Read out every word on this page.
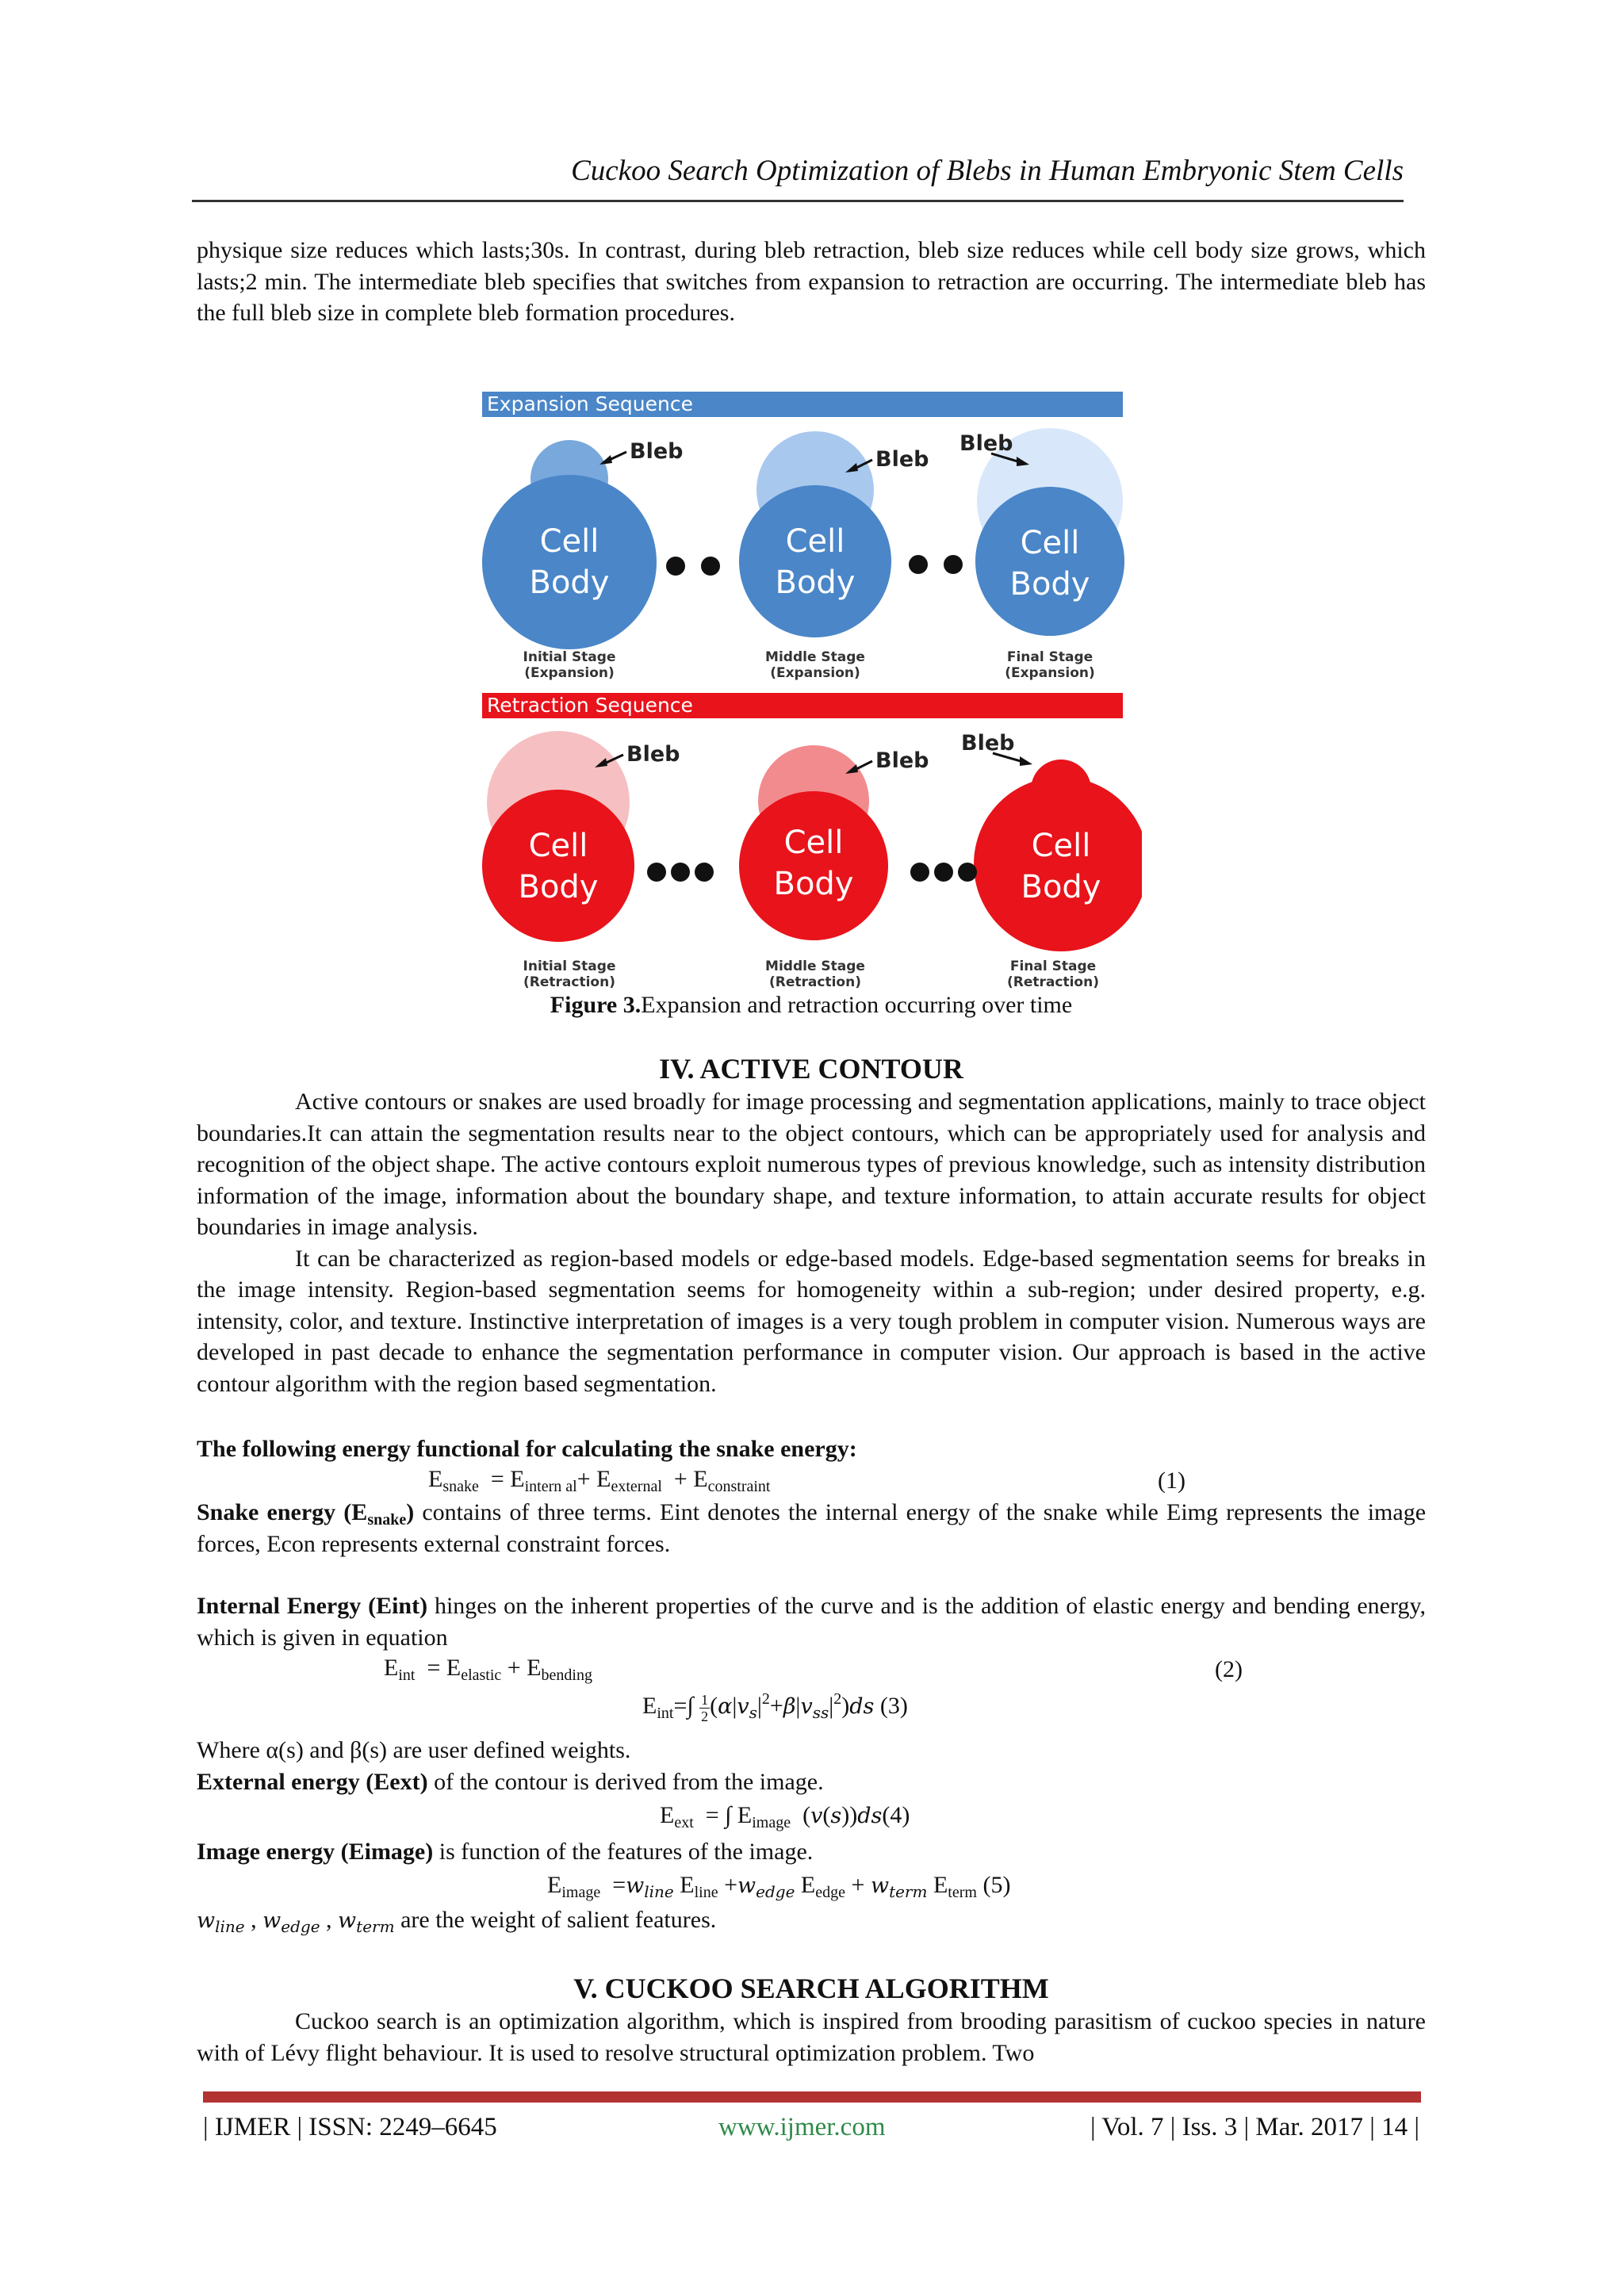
Cuckoo Search Optimization of Blebs in Human Embryonic Stem Cells

physique size reduces which lasts;30s. In contrast, during bleb retraction, bleb size reduces while cell body size grows, which lasts;2 min. The intermediate bleb specifies that switches from expansion to retraction are occurring. The intermediate bleb has the full bleb size in complete bleb formation procedures.

Expansion Sequence
Cell
Body
Cell
Body
Cell
Body
Bleb	Bleb
Bleb
Initial Stage
(Expansion)
Middle Stage
(Expansion)
Final Stage
(Expansion)
Retraction Sequence
Cell
Body
Cell
Body
Cell
Body
Bleb	Bleb
Bleb
Initial Stage
(Retraction)
Middle Stage
(Retraction)
Final Stage
(Retraction)
Figure 3.Expansion and retraction occurring over time
IV. ACTIVE CONTOUR

Active contours or snakes are used broadly for image processing and segmentation applications, mainly to trace object boundaries.It can attain the segmentation results near to the object contours, which can be appropriately used for analysis and recognition of the object shape. The active contours exploit numerous types of previous knowledge, such as intensity distribution information of the image, information about the boundary shape, and texture information, to attain accurate results for object boundaries in image analysis.

It can be characterized as region-based models or edge-based models. Edge-based segmentation seems for breaks in the image intensity. Region-based segmentation seems for homogeneity within a sub-region; under desired property, e.g. intensity, color, and texture. Instinctive interpretation of images is a very tough problem in computer vision. Numerous ways are developed in past decade to enhance the segmentation performance in computer vision. Our approach is based in the active contour algorithm with the region based segmentation.

The following energy functional for calculating the snake energy:
$E_{snake} = E_{intern al}+ E_{external} + E_{constraint}$	(1)

Snake energy $(E_{snake})$ contains of three terms. Eint denotes the internal energy of the snake while Eimg represents the image forces, Econ represents external constraint forces.

Internal Energy (Eint) hinges on the inherent properties of the curve and is the addition of elastic energy and bending energy, which is given in equation

$E_{int} = E_{elastic} + E_{bending}$	(2)
$E_{int}=\int \frac{1}{2} (\alpha|v_s|^2+\beta|v_{ss}|^2)ds$ (3)
Where α(s) and β(s) are user defined weights.
External energy (Eext) of the contour is derived from the image.
$E_{ext}$  = ∫ $E_{image}$  (v(s))ds(4)
Image energy (Eimage) is function of the features of the image.
$E_{image} =w_{line}$ $E_{line} +w_{edge}$ $E_{edge} + w_{term}$ $E_{term}$ (5)
$w_{line}$ , $w_{edge}$ , $w_{term}$ are the weight of salient features.
V. CUCKOO SEARCH ALGORITHM

Cuckoo search is an optimization algorithm, which is inspired from brooding parasitism of cuckoo species in nature with of Lévy flight behaviour. It is used to resolve structural optimization problem. Two

| IJMER | ISSN: 2249–6645	www.ijmer.com	| Vol. 7 | Iss. 3 | Mar. 2017 | 14 |
